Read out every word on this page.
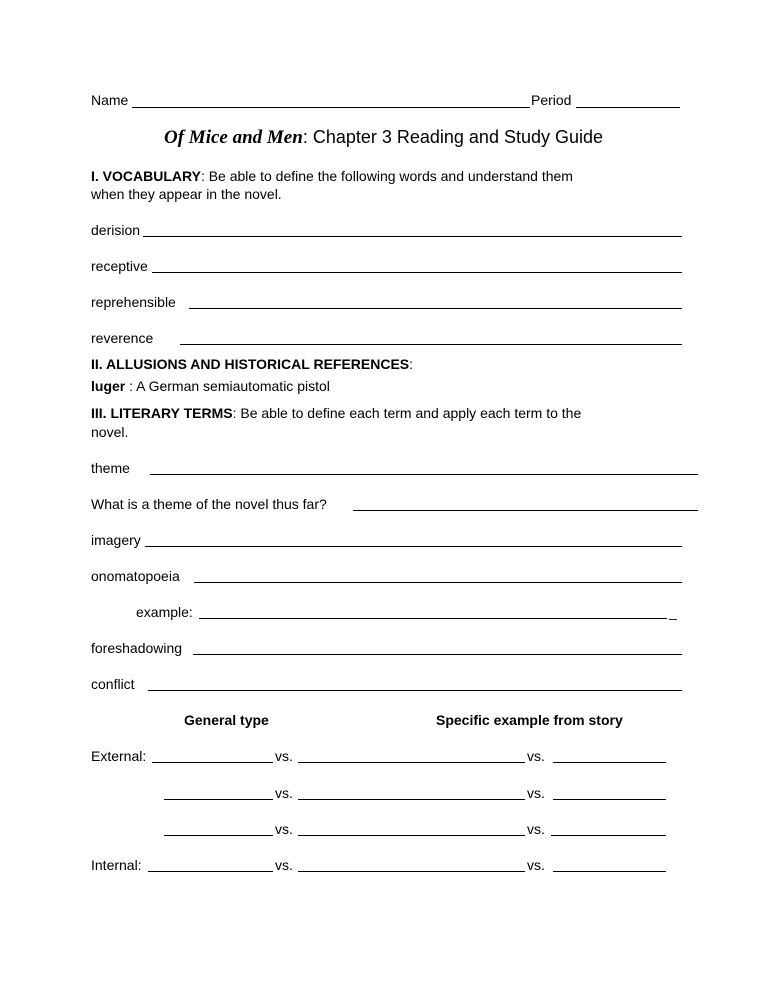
Name	Period
Of Mice and Men: Chapter 3 Reading and Study Guide
I. VOCABULARY: Be able to define the following words and understand them
when they appear in the novel.
derision
receptive
reprehensible
reverence
II. ALLUSIONS AND HISTORICAL REFERENCES:
luger : A German semiautomatic pistol
III. LITERARY TERMS: Be able to define each term and apply each term to the
novel.
theme
What is a theme of the novel thus far?
imagery
onomatopoeia
example:	_
foreshadowing
conflict
General type	Specific example from story
External:	vs.	vs.
vs.	vs.
vs.	vs.
Internal:	vs.	vs.
